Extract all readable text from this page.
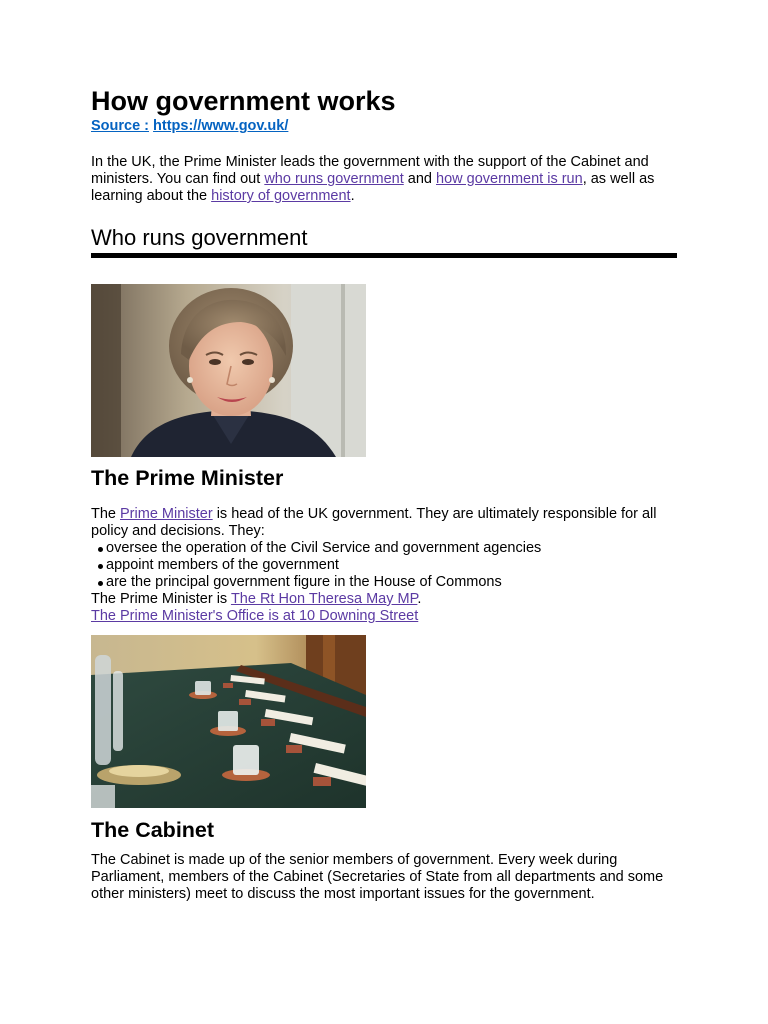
How government works
Source : https://www.gov.uk/

In the UK, the Prime Minister leads the government with the support of the Cabinet and ministers. You can find out who runs government and how government is run, as well as learning about the history of government.

Who runs government
The Prime Minister

The Prime Minister is head of the UK government. They are ultimately responsible for all policy and decisions. They:

oversee the operation of the Civil Service and government agencies
appoint members of the government
are the principal government figure in the House of Commons
The Prime Minister is The Rt Hon Theresa May MP.
The Prime Minister's Office is at 10 Downing Street
The Cabinet

The Cabinet is made up of the senior members of government. Every week during Parliament, members of the Cabinet (Secretaries of State from all departments and some other ministers) meet to discuss the most important issues for the government.
